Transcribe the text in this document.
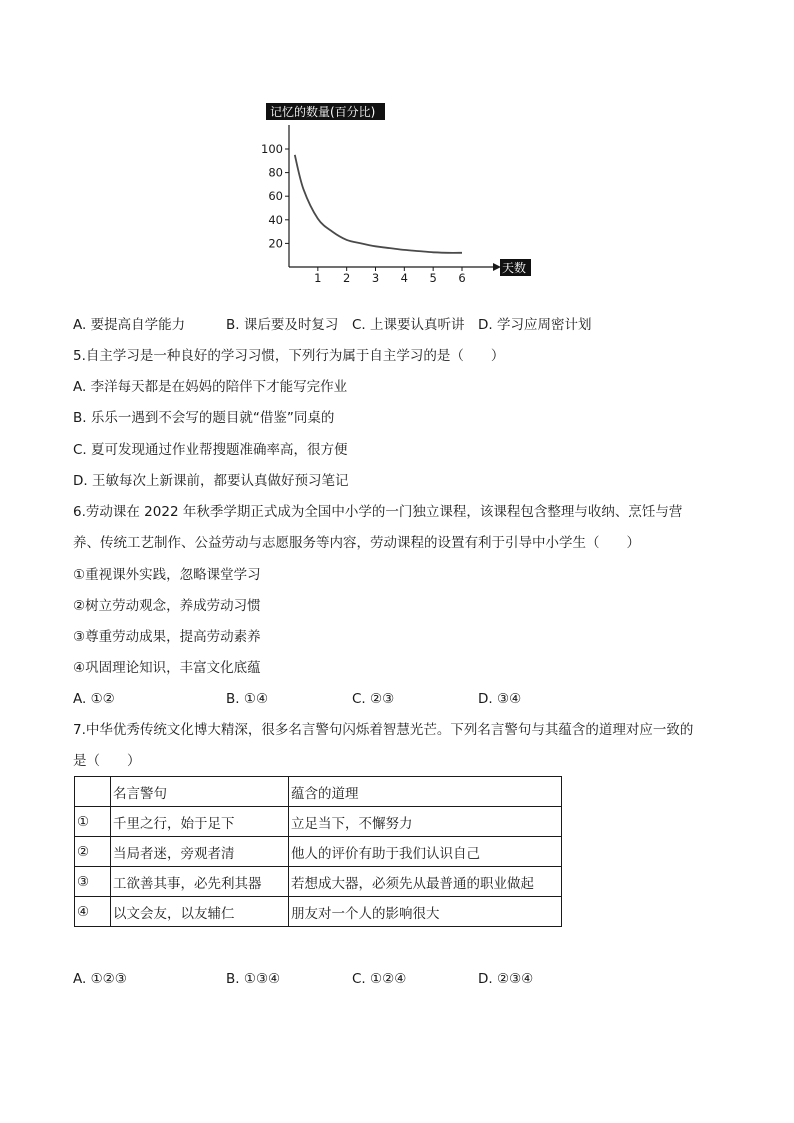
记忆的数量(百分比)
天数
100
80
60
40
20
1 2 3 4 5 6
A. 要提高自学能力	B. 课后要及时复习 C. 上课要认真听讲 D. 学习应周密计划
5.自主学习是一种良好的学习习惯，下列行为属于自主学习的是（　　）
A. 李洋每天都是在妈妈的陪伴下才能写完作业
B. 乐乐一遇到不会写的题目就“借鉴”同桌的
C. 夏可发现通过作业帮搜题准确率高，很方便
D. 王敏每次上新课前，都要认真做好预习笔记
6.劳动课在 2022 年秋季学期正式成为全国中小学的一门独立课程，该课程包含整理与收纳、烹饪与营
养、传统工艺制作、公益劳动与志愿服务等内容，劳动课程的设置有利于引导中小学生（　　）
①重视课外实践，忽略课堂学习
②树立劳动观念，养成劳动习惯
③尊重劳动成果，提高劳动素养
④巩固理论知识，丰富文化底蕴
A. ①②	B. ①④	C. ②③	D. ③④
7.中华优秀传统文化博大精深，很多名言警句闪烁着智慧光芒。下列名言警句与其蕴含的道理对应一致的
是（　　）
	名言警句	蕴含的道理
①	千里之行，始于足下	立足当下，不懈努力
②	当局者迷，旁观者清	他人的评价有助于我们认识自己
③	工欲善其事，必先利其器	若想成大器，必须先从最普通的职业做起
④	以文会友，以友辅仁	朋友对一个人的影响很大
A. ①②③	B. ①③④	C. ①②④	D. ②③④
